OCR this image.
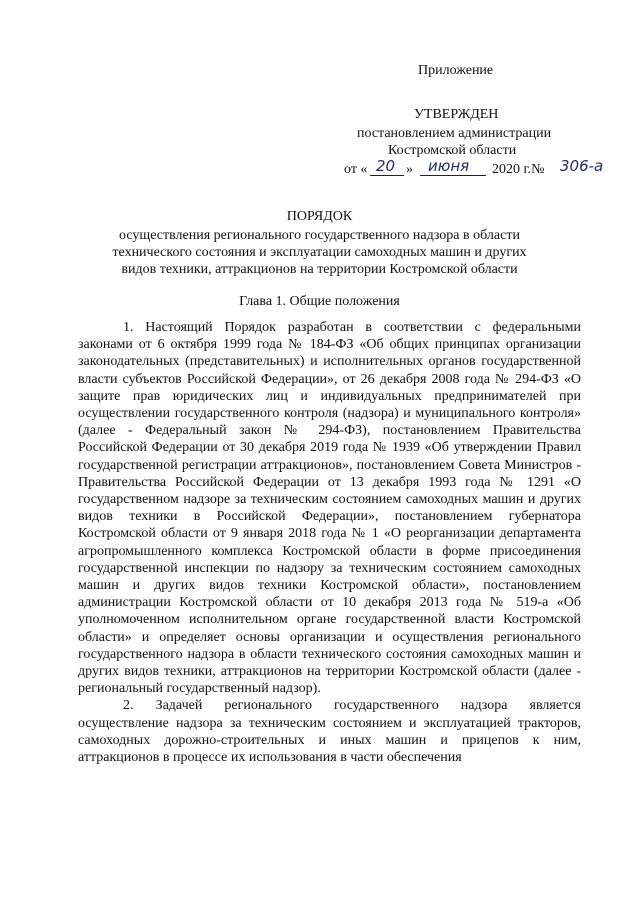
Приложение
УТВЕРЖДЕН
постановлением администрации
Костромской области
от « 20 » июня 2020 г.№ 306-а
ПОРЯДОК
осуществления регионального государственного надзора в области
технического состояния и эксплуатации самоходных машин и других
видов техники, аттракционов на территории Костромской области
Глава 1. Общие положения

1. Настоящий Порядок разработан в соответствии с федеральными законами от 6 октября 1999 года № 184-ФЗ «Об общих принципах организации законодательных (представительных) и исполнительных органов государственной власти субъектов Российской Федерации», от 26 декабря 2008 года № 294-ФЗ «О защите прав юридических лиц и индивидуальных предпринимателей при осуществлении государственного контроля (надзора) и муниципального контроля» (далее - Федеральный закон № 294-ФЗ), постановлением Правительства Российской Федерации от 30 декабря 2019 года № 1939 «Об утверждении Правил государственной регистрации аттракционов», постановлением Совета Министров - Правительства Российской Федерации от 13 декабря 1993 года № 1291 «О государственном надзоре за техническим состоянием самоходных машин и других видов техники в Российской Федерации», постановлением губернатора Костромской области от 9 января 2018 года № 1 «О реорганизации департамента агропромышленного комплекса Костромской области в форме присоединения государственной инспекции по надзору за техническим состоянием самоходных машин и других видов техники Костромской области», постановлением администрации Костромской области от 10 декабря 2013 года № 519-а «Об уполномоченном исполнительном органе государственной власти Костромской области» и определяет основы организации и осуществления регионального государственного надзора в области технического состояния самоходных машин и других видов техники, аттракционов на территории Костромской области (далее - региональный государственный надзор).

2. Задачей регионального государственного надзора является осуществление надзора за техническим состоянием и эксплуатацией тракторов, самоходных дорожно-строительных и иных машин и прицепов к ним, аттракционов в процессе их использования в части обеспечения
